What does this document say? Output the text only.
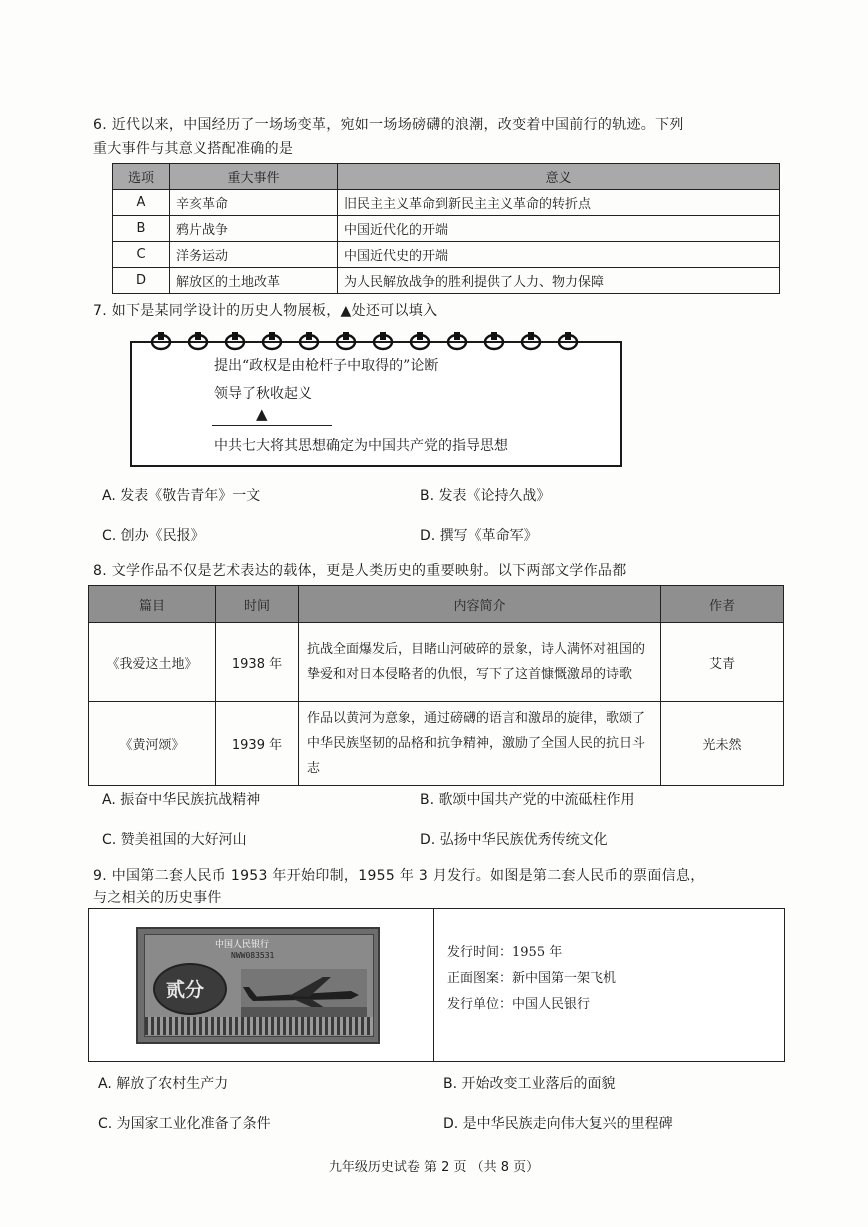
6. 近代以来，中国经历了一场场变革，宛如一场场磅礴的浪潮，改变着中国前行的轨迹。下列
重大事件与其意义搭配准确的是
选项	重大事件	意义
A	辛亥革命	旧民主主义革命到新民主主义革命的转折点
B	鸦片战争	中国近代化的开端
C	洋务运动	中国近代史的开端
D	解放区的土地改革	为人民解放战争的胜利提供了人力、物力保障
7. 如下是某同学设计的历史人物展板，▲处还可以填入
提出“政权是由枪杆子中取得的”论断
领导了秋收起义
▲
中共七大将其思想确定为中国共产党的指导思想
A. 发表《敬告青年》一文	B. 发表《论持久战》
C. 创办《民报》	D. 撰写《革命军》
8. 文学作品不仅是艺术表达的载体，更是人类历史的重要映射。以下两部文学作品都
篇目	时间	内容简介	作者
《我爱这土地》	1938 年	抗战全面爆发后，目睹山河破碎的景象，诗人满怀对祖国的挚爱和对日本侵略者的仇恨，写下了这首慷慨激昂的诗歌	艾青
《黄河颂》	1939 年	作品以黄河为意象，通过磅礴的语言和激昂的旋律，歌颂了中华民族坚韧的品格和抗争精神，激励了全国人民的抗日斗志	光未然
A. 振奋中华民族抗战精神	B. 歌颂中国共产党的中流砥柱作用
C. 赞美祖国的大好河山	D. 弘扬中华民族优秀传统文化
9. 中国第二套人民币 1953 年开始印制，1955 年 3 月发行。如图是第二套人民币的票面信息，
与之相关的历史事件
中国人民银行
NWW083531
贰分
发行时间：1955 年
正面图案：新中国第一架飞机
发行单位：中国人民银行
A. 解放了农村生产力	B. 开始改变工业落后的面貌
C. 为国家工业化准备了条件	D. 是中华民族走向伟大复兴的里程碑
九年级历史试卷 第 2 页 （共 8 页）
